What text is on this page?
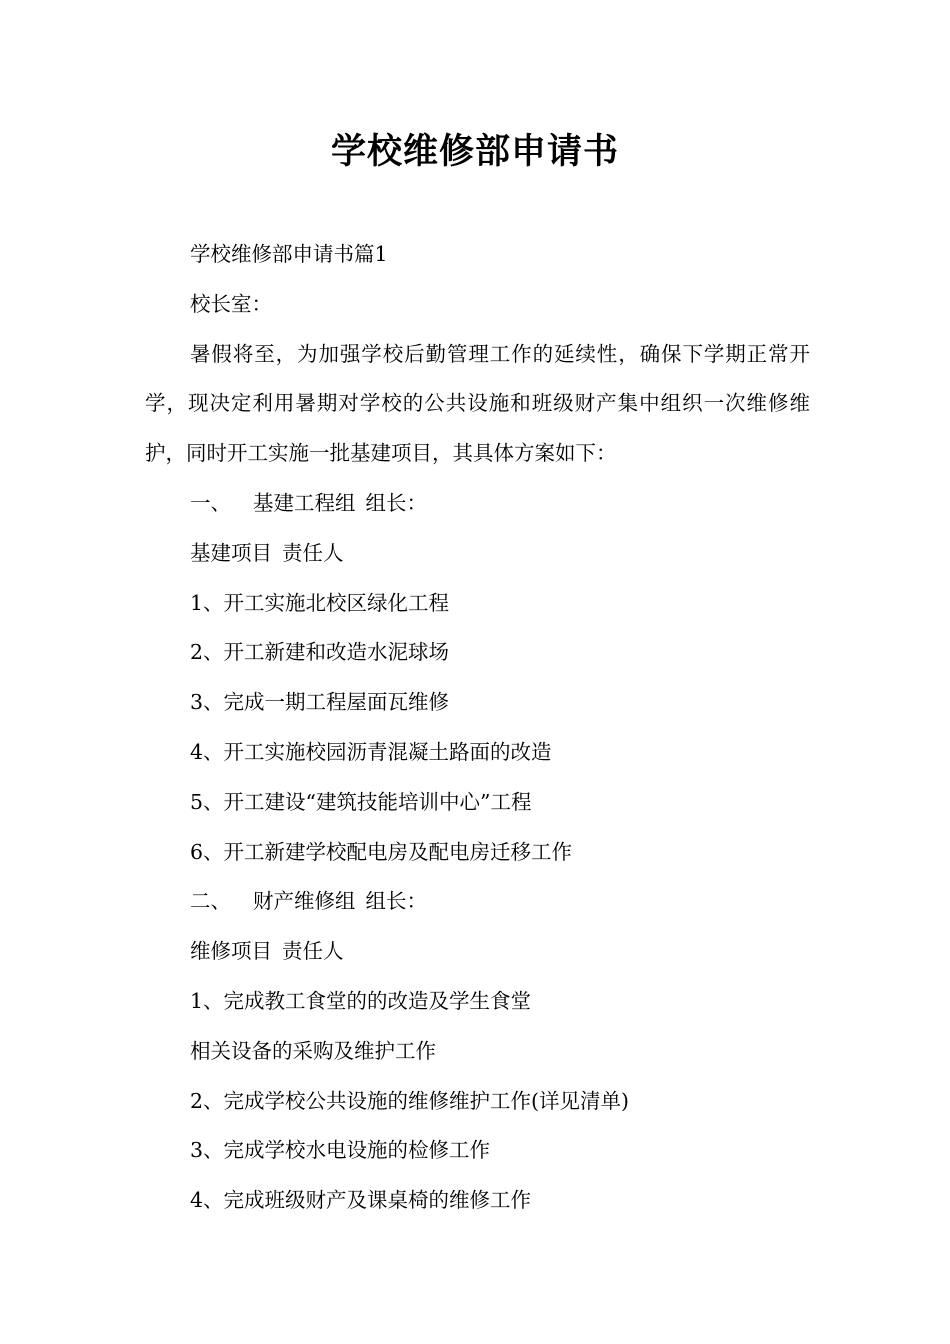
学校维修部申请书

学校维修部申请书篇1

校长室：

暑假将至，为加强学校后勤管理工作的延续性，确保下学期正常开学，现决定利用暑期对学校的公共设施和班级财产集中组织一次维修维护，同时开工实施一批基建项目，其具体方案如下：

一、 基建工程组 组长：

基建项目 责任人

1、开工实施北校区绿化工程

2、开工新建和改造水泥球场

3、完成一期工程屋面瓦维修

4、开工实施校园沥青混凝土路面的改造

5、开工建设“建筑技能培训中心”工程

6、开工新建学校配电房及配电房迁移工作

二、 财产维修组 组长：

维修项目 责任人

1、完成教工食堂的的改造及学生食堂

相关设备的采购及维护工作

2、完成学校公共设施的维修维护工作(详见清单)

3、完成学校水电设施的检修工作

4、完成班级财产及课桌椅的维修工作
